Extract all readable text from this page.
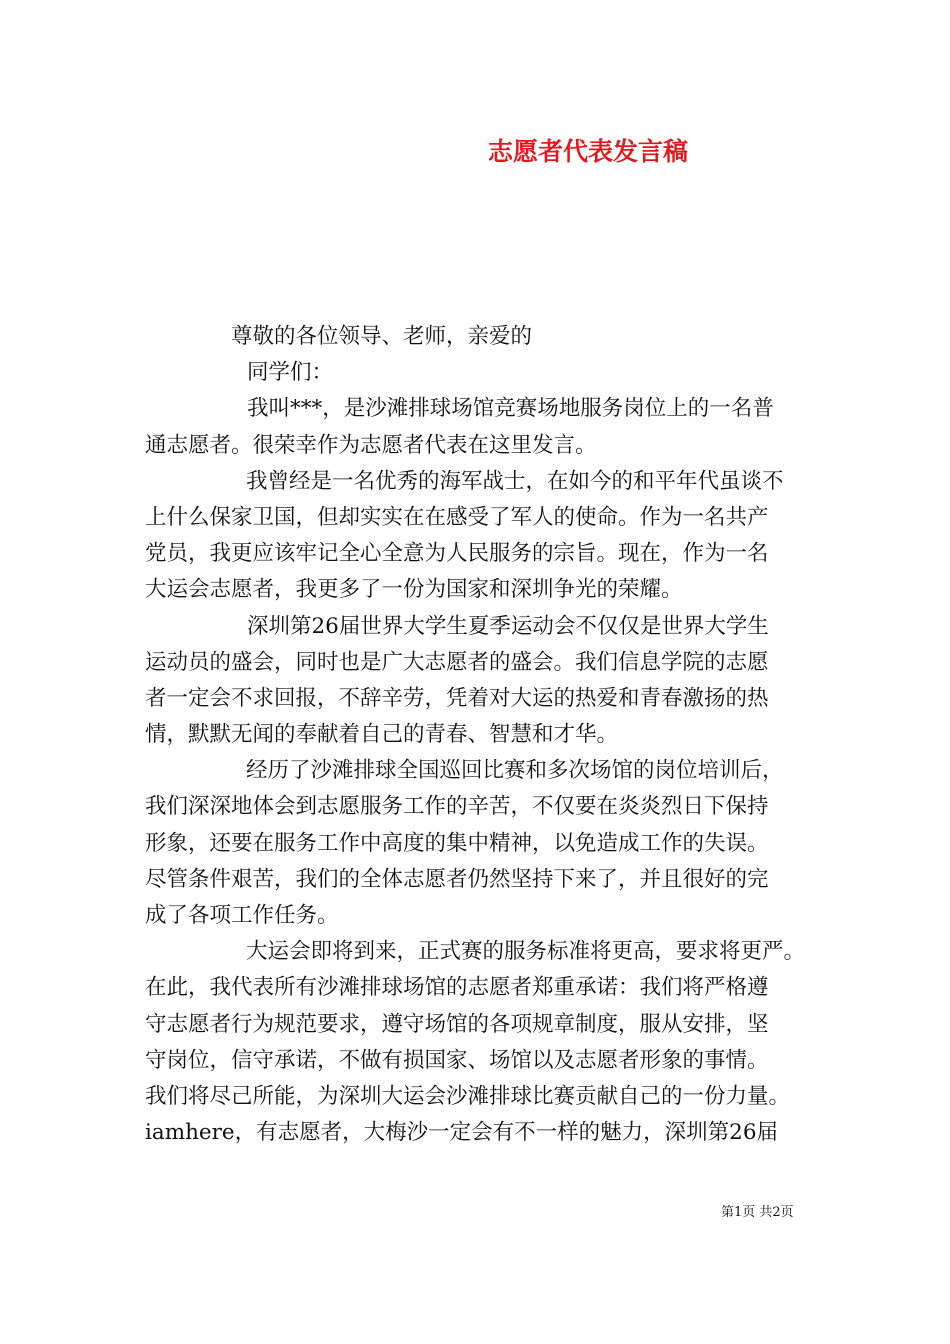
志愿者代表发言稿
尊敬的各位领导、老师，亲爱的
同学们：
我叫***，是沙滩排球场馆竞赛场地服务岗位上的一名普
通志愿者。很荣幸作为志愿者代表在这里发言。
我曾经是一名优秀的海军战士，在如今的和平年代虽谈不
上什么保家卫国，但却实实在在感受了军人的使命。作为一名共产
党员，我更应该牢记全心全意为人民服务的宗旨。现在，作为一名
大运会志愿者，我更多了一份为国家和深圳争光的荣耀。
深圳第26届世界大学生夏季运动会不仅仅是世界大学生
运动员的盛会，同时也是广大志愿者的盛会。我们信息学院的志愿
者一定会不求回报，不辞辛劳，凭着对大运的热爱和青春激扬的热
情，默默无闻的奉献着自己的青春、智慧和才华。
经历了沙滩排球全国巡回比赛和多次场馆的岗位培训后，
我们深深地体会到志愿服务工作的辛苦，不仅要在炎炎烈日下保持
形象，还要在服务工作中高度的集中精神，以免造成工作的失误。
尽管条件艰苦，我们的全体志愿者仍然坚持下来了，并且很好的完
成了各项工作任务。
大运会即将到来，正式赛的服务标准将更高，要求将更严。
在此，我代表所有沙滩排球场馆的志愿者郑重承诺：我们将严格遵
守志愿者行为规范要求，遵守场馆的各项规章制度，服从安排，坚
守岗位，信守承诺，不做有损国家、场馆以及志愿者形象的事情。
我们将尽己所能，为深圳大运会沙滩排球比赛贡献自己的一份力量。
iamhere，有志愿者，大梅沙一定会有不一样的魅力，深圳第26届
第1页 共2页
